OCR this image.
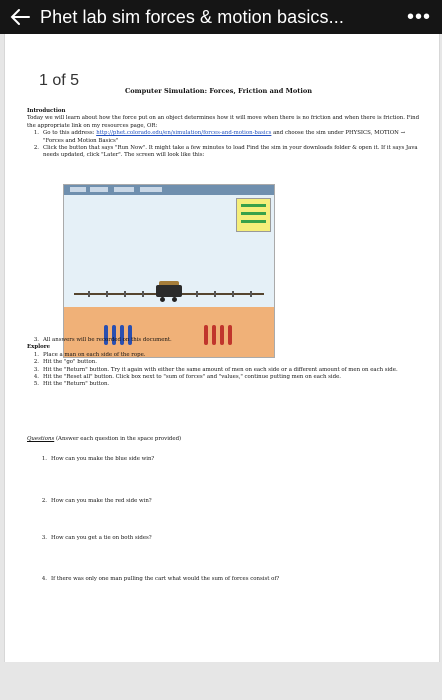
Phet lab sim forces & motion basics...	•••
1 of 5
Computer Simulation: Forces, Friction and Motion
Introduction
Today we will learn about how the force put on an object determines how it will move when there is no friction and when there is friction. Find the appropriate link on my resources page, OR:
1. Go to this address: http://phet.colorado.edu/en/simulation/forces-and-motion-basics and choose the sim under PHYSICS, MOTION → "Forces and Motion Basics"
2. Click the button that says "Run Now". It might take a few minutes to load Find the sim in your downloads folder & open it. If it says Java needs updated, click "Later". The screen will look like this:
3. All answers will be recorded on this document.
Explore
1. Place a man on each side of the rope.
2. Hit the "go" button.
3. Hit the "Return" button. Try it again with either the same amount of men on each side or a different amount of men on each side.
4. Hit the "Reset all" button. Click box next to "sum of forces" and "values," continue putting men on each side.
5. Hit the "Return" button.
Questions (Answer each question in the space provided)
1. How can you make the blue side win?
2. How can you make the red side win?
3. How can you get a tie on both sides?
4. If there was only one man pulling the cart what would the sum of forces consist of?
